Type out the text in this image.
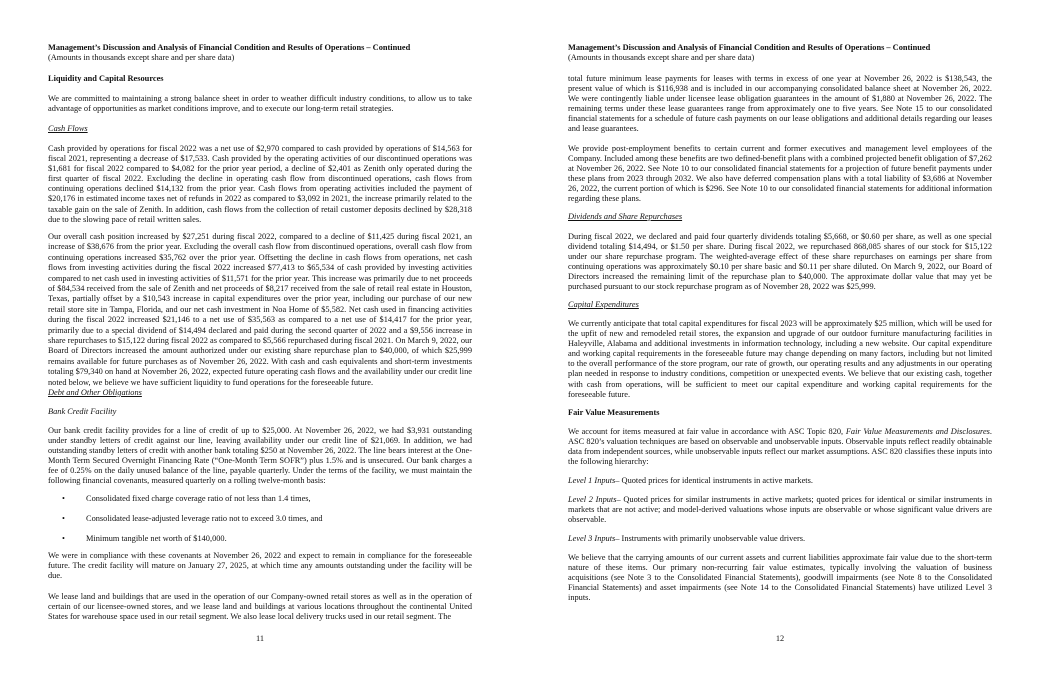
Management’s Discussion and Analysis of Financial Condition and Results of Operations – Continued
(Amounts in thousands except share and per share data)
Liquidity and Capital Resources
We are committed to maintaining a strong balance sheet in order to weather difficult industry conditions, to allow us to take advantage of opportunities as market conditions improve, and to execute our long-term retail strategies.
Cash Flows
Cash provided by operations for fiscal 2022 was a net use of $2,970 compared to cash provided by operations of $14,563 for fiscal 2021, representing a decrease of $17,533. Cash provided by the operating activities of our discontinued operations was $1,681 for fiscal 2022 compared to $4,082 for the prior year period, a decline of $2,401 as Zenith only operated during the first quarter of fiscal 2022. Excluding the decline in operating cash flow from discontinued operations, cash flows from continuing operations declined $14,132 from the prior year. Cash flows from operating activities included the payment of $20,176 in estimated income taxes net of refunds in 2022 as compared to $3,092 in 2021, the increase primarily related to the taxable gain on the sale of Zenith. In addition, cash flows from the collection of retail customer deposits declined by $28,318 due to the slowing pace of retail written sales.
Our overall cash position increased by $27,251 during fiscal 2022, compared to a decline of $11,425 during fiscal 2021, an increase of $38,676 from the prior year. Excluding the overall cash flow from discontinued operations, overall cash flow from continuing operations increased $35,762 over the prior year. Offsetting the decline in cash flows from operations, net cash flows from investing activities during the fiscal 2022 increased $77,413 to $65,534 of cash provided by investing activities compared to net cash used in investing activities of $11,571 for the prior year. This increase was primarily due to net proceeds of $84,534 received from the sale of Zenith and net proceeds of $8,217 received from the sale of retail real estate in Houston, Texas, partially offset by a $10,543 increase in capital expenditures over the prior year, including our purchase of our new retail store site in Tampa, Florida, and our net cash investment in Noa Home of $5,582. Net cash used in financing activities during the fiscal 2022 increased $21,146 to a net use of $35,563 as compared to a net use of $14,417 for the prior year, primarily due to a special dividend of $14,494 declared and paid during the second quarter of 2022 and a $9,556 increase in share repurchases to $15,122 during fiscal 2022 as compared to $5,566 repurchased during fiscal 2021. On March 9, 2022, our Board of Directors increased the amount authorized under our existing share repurchase plan to $40,000, of which $25,999 remains available for future purchases as of November 26, 2022. With cash and cash equivalents and short-term investments totaling $79,340 on hand at November 26, 2022, expected future operating cash flows and the availability under our credit line noted below, we believe we have sufficient liquidity to fund operations for the foreseeable future.
Debt and Other Obligations
Bank Credit Facility
Our bank credit facility provides for a line of credit of up to $25,000. At November 26, 2022, we had $3,931 outstanding under standby letters of credit against our line, leaving availability under our credit line of $21,069. In addition, we had outstanding standby letters of credit with another bank totaling $250 at November 26, 2022. The line bears interest at the One-Month Term Secured Overnight Financing Rate (“One-Month Term SOFR”) plus 1.5% and is unsecured. Our bank charges a fee of 0.25% on the daily unused balance of the line, payable quarterly. Under the terms of the facility, we must maintain the following financial covenants, measured quarterly on a rolling twelve-month basis:
•	Consolidated fixed charge coverage ratio of not less than 1.4 times,
•	Consolidated lease-adjusted leverage ratio not to exceed 3.0 times, and
•	Minimum tangible net worth of $140,000.
We were in compliance with these covenants at November 26, 2022 and expect to remain in compliance for the foreseeable future. The credit facility will mature on January 27, 2025, at which time any amounts outstanding under the facility will be due.
We lease land and buildings that are used in the operation of our Company-owned retail stores as well as in the operation of certain of our licensee-owned stores, and we lease land and buildings at various locations throughout the continental United States for warehouse space used in our retail segment. We also lease local delivery trucks used in our retail segment. The
11
Management’s Discussion and Analysis of Financial Condition and Results of Operations – Continued
(Amounts in thousands except share and per share data)
total future minimum lease payments for leases with terms in excess of one year at November 26, 2022 is $138,543, the present value of which is $116,938 and is included in our accompanying consolidated balance sheet at November 26, 2022. We were contingently liable under licensee lease obligation guarantees in the amount of $1,880 at November 26, 2022. The remaining terms under these lease guarantees range from approximately one to five years. See Note 15 to our consolidated financial statements for a schedule of future cash payments on our lease obligations and additional details regarding our leases and lease guarantees.
We provide post-employment benefits to certain current and former executives and management level employees of the Company. Included among these benefits are two defined-benefit plans with a combined projected benefit obligation of $7,262 at November 26, 2022. See Note 10 to our consolidated financial statements for a projection of future benefit payments under these plans from 2023 through 2032. We also have deferred compensation plans with a total liability of $3,686 at November 26, 2022, the current portion of which is $296. See Note 10 to our consolidated financial statements for additional information regarding these plans.
Dividends and Share Repurchases
During fiscal 2022, we declared and paid four quarterly dividends totaling $5,668, or $0.60 per share, as well as one special dividend totaling $14,494, or $1.50 per share. During fiscal 2022, we repurchased 868,085 shares of our stock for $15,122 under our share repurchase program. The weighted-average effect of these share repurchases on earnings per share from continuing operations was approximately $0.10 per share basic and $0.11 per share diluted. On March 9, 2022, our Board of Directors increased the remaining limit of the repurchase plan to $40,000. The approximate dollar value that may yet be purchased pursuant to our stock repurchase program as of November 28, 2022 was $25,999.
Capital Expenditures
We currently anticipate that total capital expenditures for fiscal 2023 will be approximately $25 million, which will be used for the upfit of new and remodeled retail stores, the expansion and upgrade of our outdoor furniture manufacturing facilities in Haleyville, Alabama and additional investments in information technology, including a new website. Our capital expenditure and working capital requirements in the foreseeable future may change depending on many factors, including but not limited to the overall performance of the store program, our rate of growth, our operating results and any adjustments in our operating plan needed in response to industry conditions, competition or unexpected events. We believe that our existing cash, together with cash from operations, will be sufficient to meet our capital expenditure and working capital requirements for the foreseeable future.
Fair Value Measurements
We account for items measured at fair value in accordance with ASC Topic 820, Fair Value Measurements and Disclosures. ASC 820’s valuation techniques are based on observable and unobservable inputs. Observable inputs reflect readily obtainable data from independent sources, while unobservable inputs reflect our market assumptions. ASC 820 classifies these inputs into the following hierarchy:
Level 1 Inputs– Quoted prices for identical instruments in active markets.
Level 2 Inputs– Quoted prices for similar instruments in active markets; quoted prices for identical or similar instruments in markets that are not active; and model-derived valuations whose inputs are observable or whose significant value drivers are observable.
Level 3 Inputs– Instruments with primarily unobservable value drivers.
We believe that the carrying amounts of our current assets and current liabilities approximate fair value due to the short-term nature of these items. Our primary non-recurring fair value estimates, typically involving the valuation of business acquisitions (see Note 3 to the Consolidated Financial Statements), goodwill impairments (see Note 8 to the Consolidated Financial Statements) and asset impairments (see Note 14 to the Consolidated Financial Statements) have utilized Level 3 inputs.
12
